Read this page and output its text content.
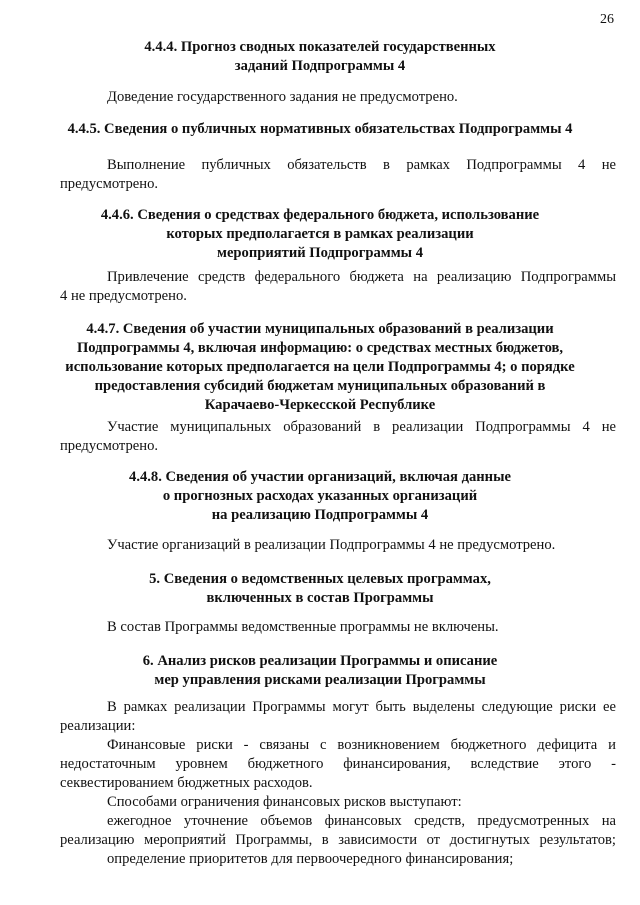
26
4.4.4. Прогноз сводных показателей государственных
заданий Подпрограммы 4
Доведение государственного задания не предусмотрено.
4.4.5. Сведения о публичных нормативных обязательствах Подпрограммы 4
Выполнение публичных обязательств в рамках Подпрограммы 4 не
предусмотрено.
4.4.6. Сведения о средствах федерального бюджета, использование
которых предполагается в рамках реализации
мероприятий Подпрограммы 4
Привлечение средств федерального бюджета на реализацию Подпрограммы
4 не предусмотрено.
4.4.7. Сведения об участии муниципальных образований в реализации
Подпрограммы 4, включая информацию: о средствах местных бюджетов,
использование которых предполагается на цели Подпрограммы 4; о порядке
предоставления субсидий бюджетам муниципальных образований в
Карачаево-Черкесской Республике
Участие муниципальных образований в реализации Подпрограммы 4 не
предусмотрено.
4.4.8. Сведения об участии организаций, включая данные
о прогнозных расходах указанных организаций
на реализацию Подпрограммы 4
Участие организаций в реализации Подпрограммы 4 не предусмотрено.
5. Сведения о ведомственных целевых программах,
включенных в состав Программы
В состав Программы ведомственные программы не включены.
6. Анализ рисков реализации Программы и описание
мер управления рисками реализации Программы
В рамках реализации Программы могут быть выделены следующие риски ее
реализации:
Финансовые риски - связаны с возникновением бюджетного дефицита и
недостаточным уровнем бюджетного финансирования, вследствие этого -
секвестированием бюджетных расходов.
Способами ограничения финансовых рисков выступают:
ежегодное уточнение объемов финансовых средств, предусмотренных на
реализацию мероприятий Программы, в зависимости от достигнутых результатов;
определение приоритетов для первоочередного финансирования;
